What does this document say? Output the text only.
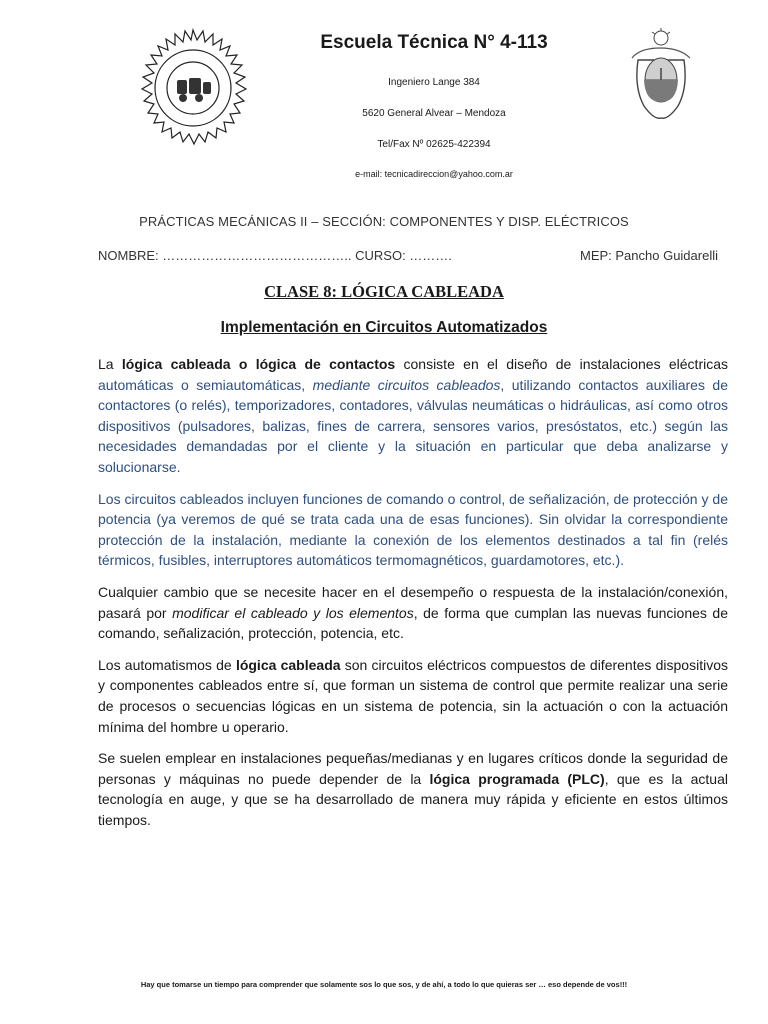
Escuela Técnica N° 4-113
Ingeniero Lange 384
5620 General Alvear – Mendoza
Tel/Fax Nº 02625-422394
e-mail: tecnicadireccion@yahoo.com.ar
PRÁCTICAS MECÁNICAS II – SECCIÓN: COMPONENTES Y DISP. ELÉCTRICOS
NOMBRE: …………………………………….. CURSO: ……….	MEP: Pancho Guidarelli
CLASE 8: LÓGICA CABLEADA
Implementación en Circuitos Automatizados

La lógica cableada o lógica de contactos consiste en el diseño de instalaciones eléctricas automáticas o semiautomáticas, mediante circuitos cableados, utilizando contactos auxiliares de contactores (o relés), temporizadores, contadores, válvulas neumáticas o hidráulicas, así como otros dispositivos (pulsadores, balizas, fines de carrera, sensores varios, presóstatos, etc.) según las necesidades demandadas por el cliente y la situación en particular que deba analizarse y solucionarse.

Los circuitos cableados incluyen funciones de comando o control, de señalización, de protección y de potencia (ya veremos de qué se trata cada una de esas funciones). Sin olvidar la correspondiente protección de la instalación, mediante la conexión de los elementos destinados a tal fin (relés térmicos, fusibles, interruptores automáticos termomagnéticos, guardamotores, etc.).

Cualquier cambio que se necesite hacer en el desempeño o respuesta de la instalación/conexión, pasará por modificar el cableado y los elementos, de forma que cumplan las nuevas funciones de comando, señalización, protección, potencia, etc.

Los automatismos de lógica cableada son circuitos eléctricos compuestos de diferentes dispositivos y componentes cableados entre sí, que forman un sistema de control que permite realizar una serie de procesos o secuencias lógicas en un sistema de potencia, sin la actuación o con la actuación mínima del hombre u operario.

Se suelen emplear en instalaciones pequeñas/medianas y en lugares críticos donde la seguridad de personas y máquinas no puede depender de la lógica programada (PLC), que es la actual tecnología en auge, y que se ha desarrollado de manera muy rápida y eficiente en estos últimos tiempos.

Hay que tomarse un tiempo para comprender que solamente sos lo que sos, y de ahí, a todo lo que quieras ser … eso depende de vos!!!
